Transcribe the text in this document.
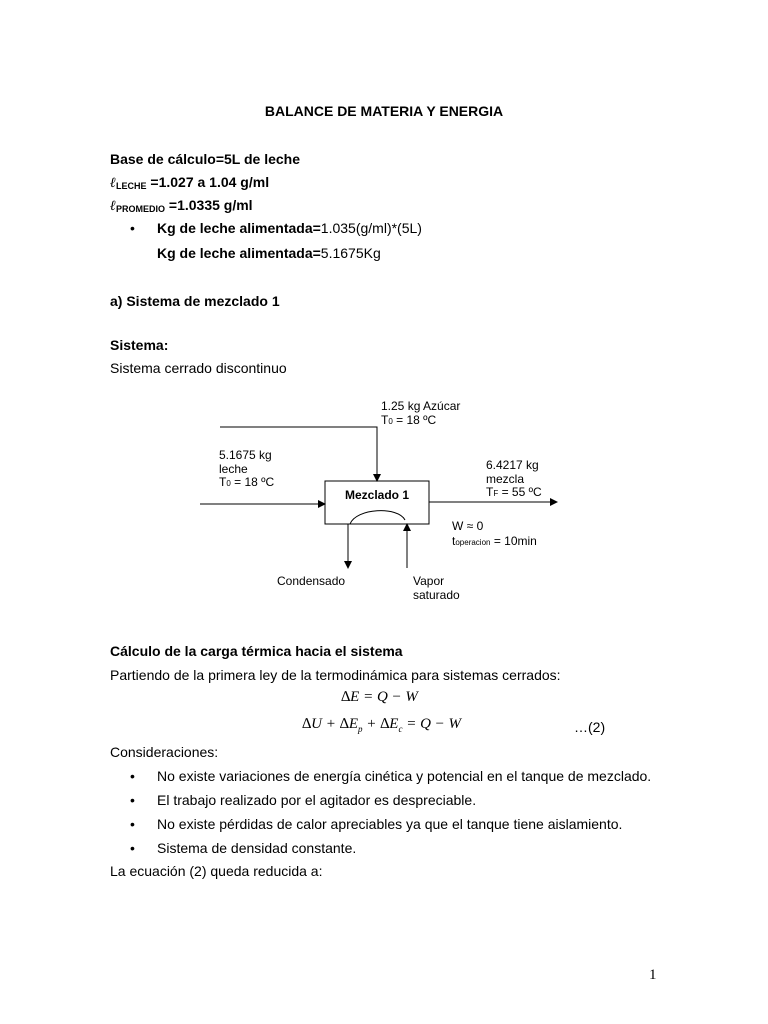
BALANCE DE MATERIA Y ENERGIA
Base de cálculo=5L de leche
ℓLECHE =1.027 a 1.04 g/ml
ℓPROMEDIO =1.0335 g/ml
• Kg de leche alimentada=1.035(g/ml)*(5L)
Kg de leche alimentada=5.1675Kg
a) Sistema de mezclado 1
Sistema:
Sistema cerrado discontinuo
1.25 kg Azúcar
T0 = 18 ºC
5.1675 kg
leche
T0 = 18 ºC
Mezclado 1
6.4217 kg
mezcla
TF = 55 ºC
W ≈ 0
toperacion = 10min
Condensado	Vapor
saturado
Cálculo de la carga térmica hacia el sistema
Partiendo de la primera ley de la termodinámica para sistemas cerrados:
∆E = Q − W
$\Delta U + \Delta E_p + \Delta E_c = Q - W$	…(2)
Consideraciones:
• No existe variaciones de energía cinética y potencial en el tanque de mezclado.
• El trabajo realizado por el agitador es despreciable.
• No existe pérdidas de calor apreciables ya que el tanque tiene aislamiento.
• Sistema de densidad constante.
La ecuación (2) queda reducida a:
1
